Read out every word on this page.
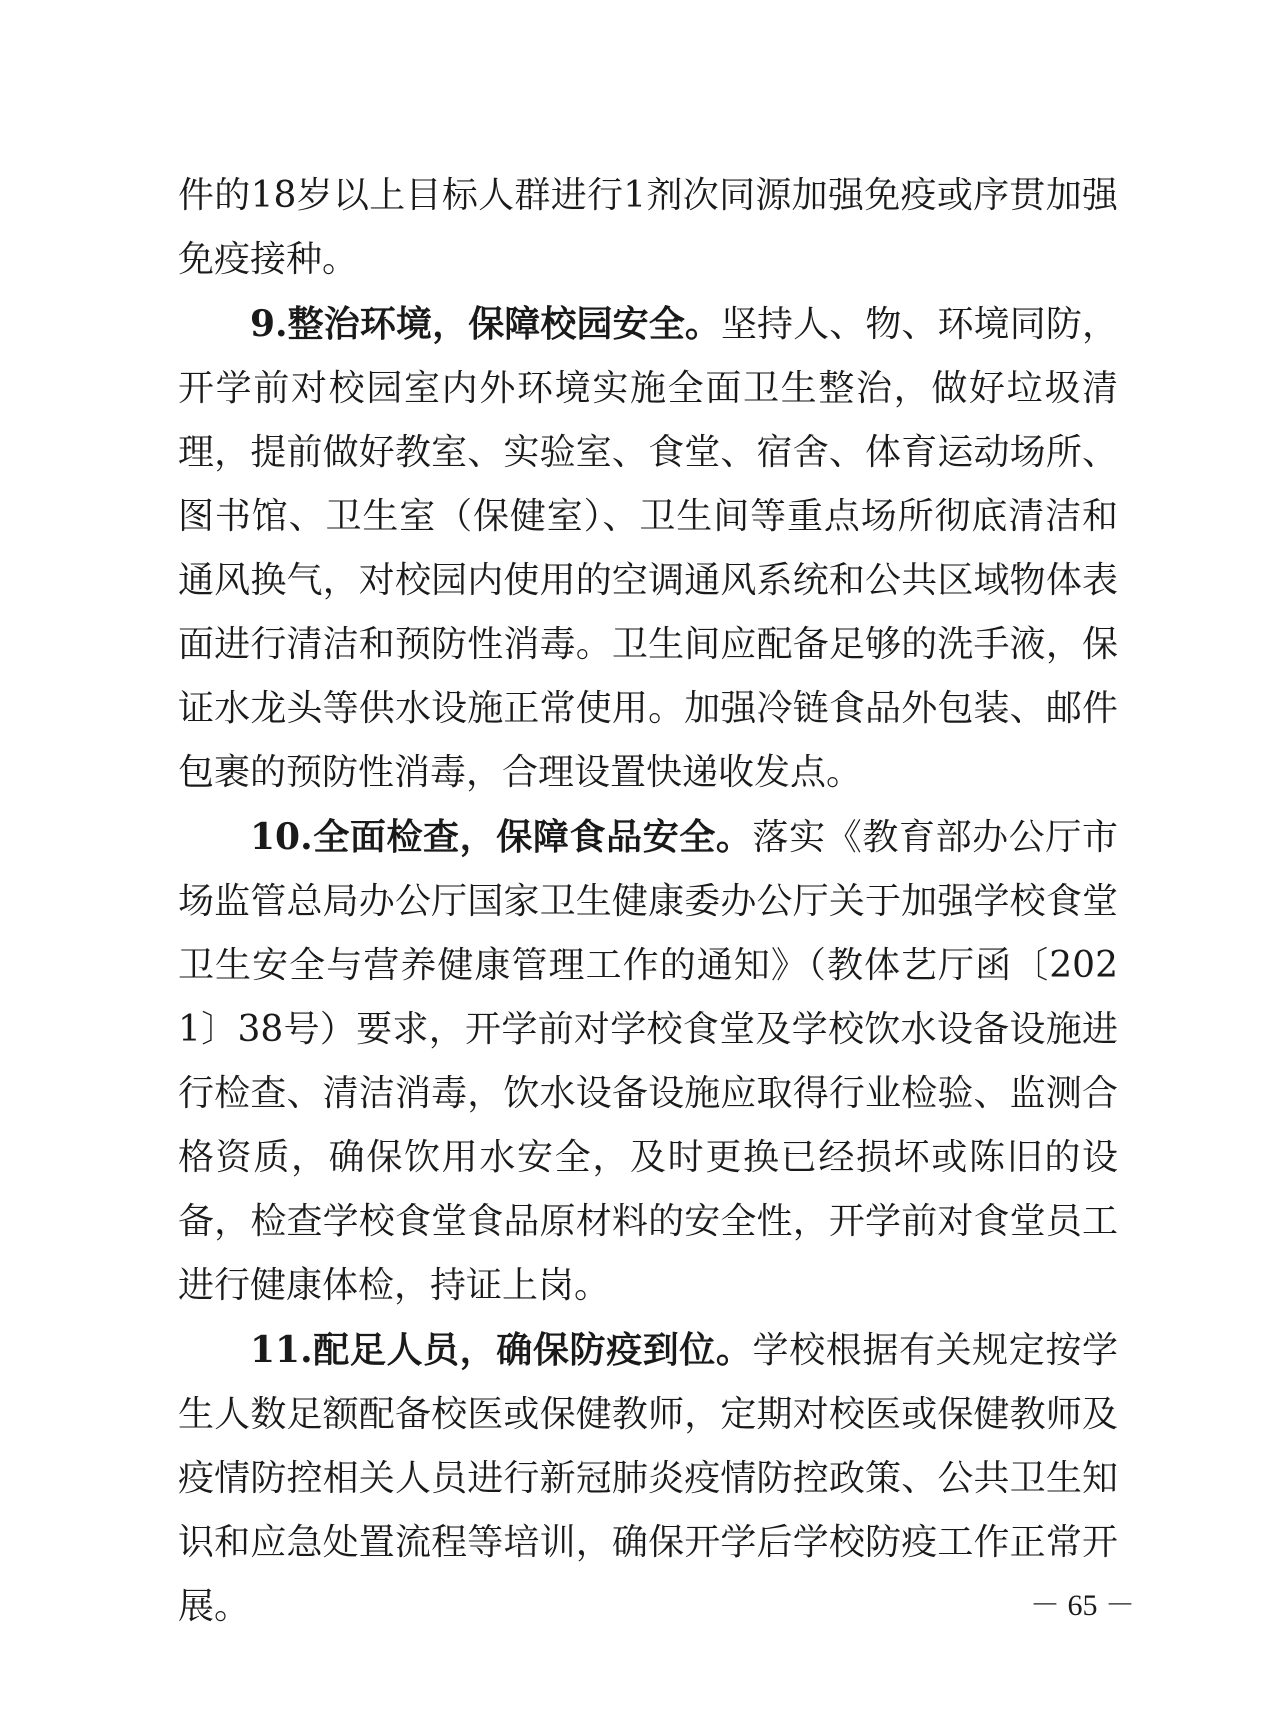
件的18岁以上目标人群进行1剂次同源加强免疫或序贯加强免疫接种。

9.整治环境，保障校园安全。坚持人、物、环境同防，开学前对校园室内外环境实施全面卫生整治，做好垃圾清理，提前做好教室、实验室、食堂、宿舍、体育运动场所、图书馆、卫生室（保健室）、卫生间等重点场所彻底清洁和通风换气，对校园内使用的空调通风系统和公共区域物体表面进行清洁和预防性消毒。卫生间应配备足够的洗手液，保证水龙头等供水设施正常使用。加强冷链食品外包装、邮件包裹的预防性消毒，合理设置快递收发点。

10.全面检查，保障食品安全。落实《教育部办公厅市场监管总局办公厅国家卫生健康委办公厅关于加强学校食堂卫生安全与营养健康管理工作的通知》（教体艺厅函〔2021〕38号）要求，开学前对学校食堂及学校饮水设备设施进行检查、清洁消毒，饮水设备设施应取得行业检验、监测合格资质，确保饮用水安全，及时更换已经损坏或陈旧的设备，检查学校食堂食品原材料的安全性，开学前对食堂员工进行健康体检，持证上岗。

11.配足人员，确保防疫到位。学校根据有关规定按学生人数足额配备校医或保健教师，定期对校医或保健教师及疫情防控相关人员进行新冠肺炎疫情防控政策、公共卫生知识和应急处置流程等培训，确保开学后学校防疫工作正常开展。	－ 65 －
